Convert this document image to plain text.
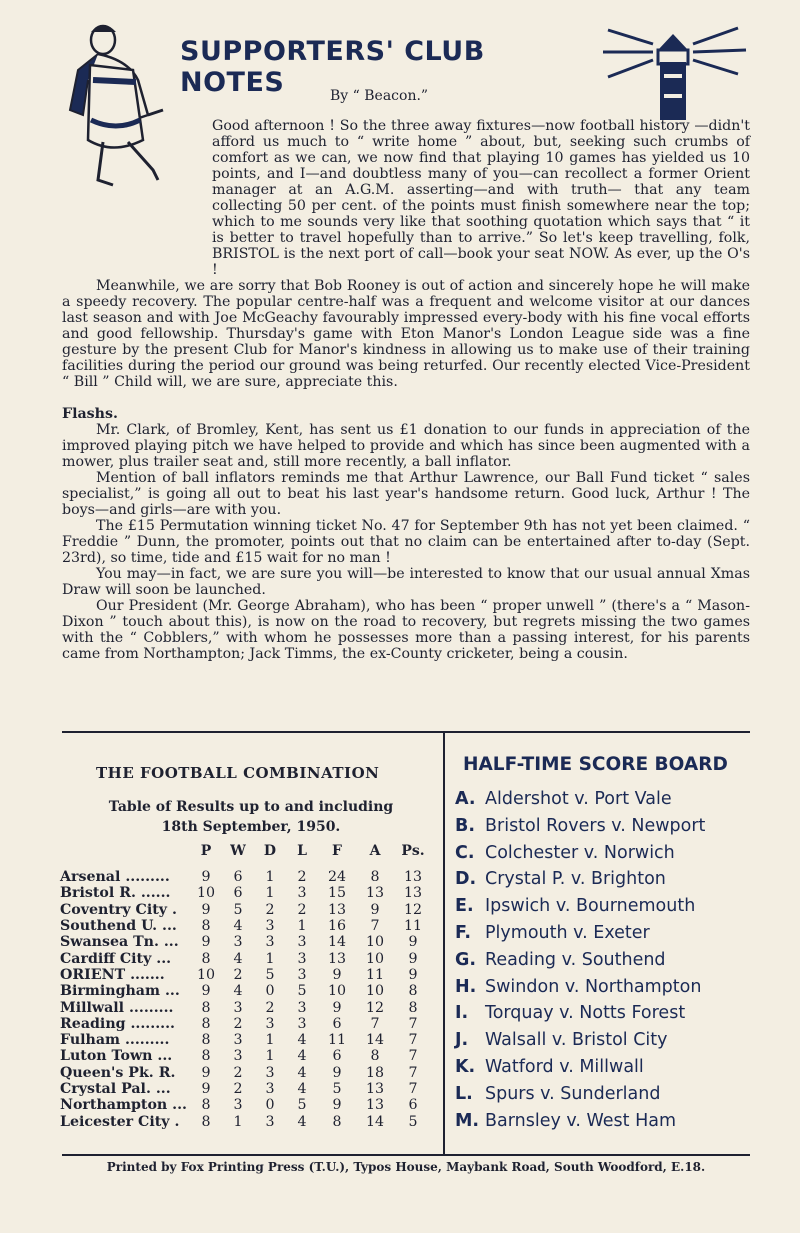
SUPPORTERS' CLUB NOTES	By “ Beacon.”

Good afternoon ! So the three away fixtures—now football history —didn't afford us much to “ write home ” about, but, seeking such crumbs of comfort as we can, we now find that playing 10 games has yielded us 10 points, and I—and doubtless many of you—can recollect a former Orient manager at an A.G.M. asserting—and with truth— that any team collecting 50 per cent. of the points must finish somewhere near the top; which to me sounds very like that soothing quotation which says that “ it is better to travel hopefully than to arrive.” So let's keep travelling, folk, BRISTOL is the next port of call—book your seat NOW. As ever, up the O's !

Meanwhile, we are sorry that Bob Rooney is out of action and sincerely hope he will make a speedy recovery. The popular centre-half was a frequent and welcome visitor at our dances last season and with Joe McGeachy favourably impressed every-body with his fine vocal efforts and good fellowship. Thursday's game with Eton Manor's London League side was a fine gesture by the present Club for Manor's kindness in allowing us to make use of their training facilities during the period our ground was being returfed. Our recently elected Vice-President “ Bill ” Child will, we are sure, appreciate this.

Flashs.

Mr. Clark, of Bromley, Kent, has sent us £1 donation to our funds in appreciation of the improved playing pitch we have helped to provide and which has since been augmented with a mower, plus trailer seat and, still more recently, a ball inflator.

Mention of ball inflators reminds me that Arthur Lawrence, our Ball Fund ticket “ sales specialist,” is going all out to beat his last year's handsome return. Good luck, Arthur ! The boys—and girls—are with you.

The £15 Permutation winning ticket No. 47 for September 9th has not yet been claimed. “ Freddie ” Dunn, the promoter, points out that no claim can be entertained after to-day (Sept. 23rd), so time, tide and £15 wait for no man !

You may—in fact, we are sure you will—be interested to know that our usual annual Xmas Draw will soon be launched.

Our President (Mr. George Abraham), who has been “ proper unwell ” (there's a “ Mason-Dixon ” touch about this), is now on the road to recovery, but regrets missing the two games with the “ Cobblers,” with whom he possesses more than a passing interest, for his parents came from Northampton; Jack Timms, the ex-County cricketer, being a cousin.

THE FOOTBALL COMBINATION
Table of Results up to and including
18th September, 1950.
	P	W	D	L	F	A	Ps.
Arsenal .........	9	6	1	2	24	8	13
Bristol R. ......	10	6	1	3	15	13	13
Coventry City .	9	5	2	2	13	9	12
Southend U. ...	8	4	3	1	16	7	11
Swansea Tn. ...	9	3	3	3	14	10	9
Cardiff City ...	8	4	1	3	13	10	9
ORIENT .......	10	2	5	3	9	11	9
Birmingham ...	9	4	0	5	10	10	8
Millwall .........	8	3	2	3	9	12	8
Reading .........	8	2	3	3	6	7	7
Fulham .........	8	3	1	4	11	14	7
Luton Town ...	8	3	1	4	6	8	7
Queen's Pk. R.	9	2	3	4	9	18	7
Crystal Pal. ...	9	2	3	4	5	13	7
Northampton ...	8	3	0	5	9	13	6
Leicester City .	8	1	3	4	8	14	5
HALF-TIME SCORE BOARD
A. Aldershot v. Port Vale
B. Bristol Rovers v. Newport
C. Colchester v. Norwich
D. Crystal P. v. Brighton
E. Ipswich v. Bournemouth
F. Plymouth v. Exeter
G. Reading v. Southend
H. Swindon v. Northampton
I. Torquay v. Notts Forest
J. Walsall v. Bristol City
K. Watford v. Millwall
L. Spurs v. Sunderland
M. Barnsley v. West Ham
Printed by Fox Printing Press (T.U.), Typos House, Maybank Road, South Woodford, E.18.
